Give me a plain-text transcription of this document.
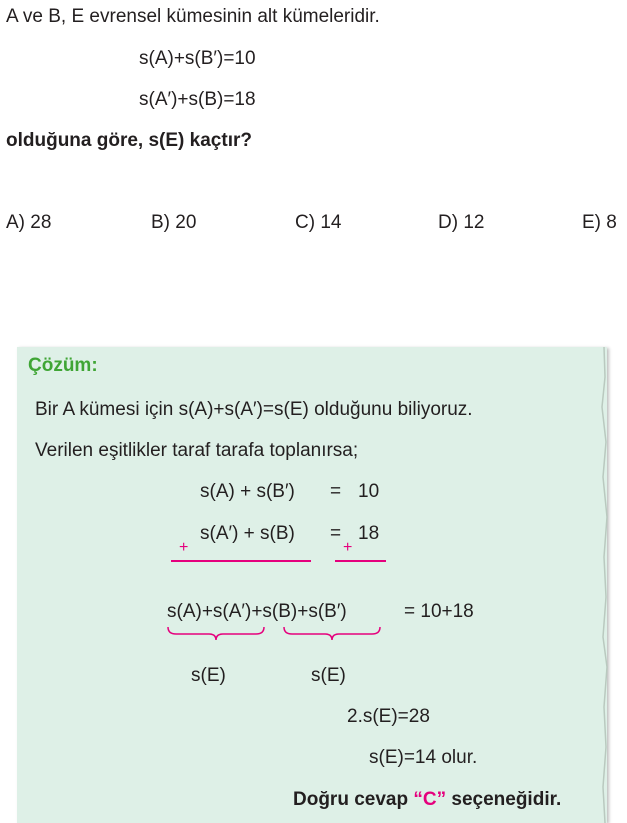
A ve B, E evrensel kümesinin alt kümeleridir.
s(A)+s(B′)=10
s(A′)+s(B)=18
olduğuna göre, s(E) kaçtır?
A) 28	B) 20	C) 14	D) 12	E) 8
Çözüm:
Bir A kümesi için s(A)+s(A′)=s(E) olduğunu biliyoruz.
Verilen eşitlikler taraf tarafa toplanırsa;
s(A) + s(B′) = 10
s(A′) + s(B) = 18
+	+
s(A)+s(A′)+s(B)+s(B′)	= 10+18
s(E)	s(E)
2.s(E)=28
s(E)=14 olur.
Doğru cevap “C” seçeneğidir.
